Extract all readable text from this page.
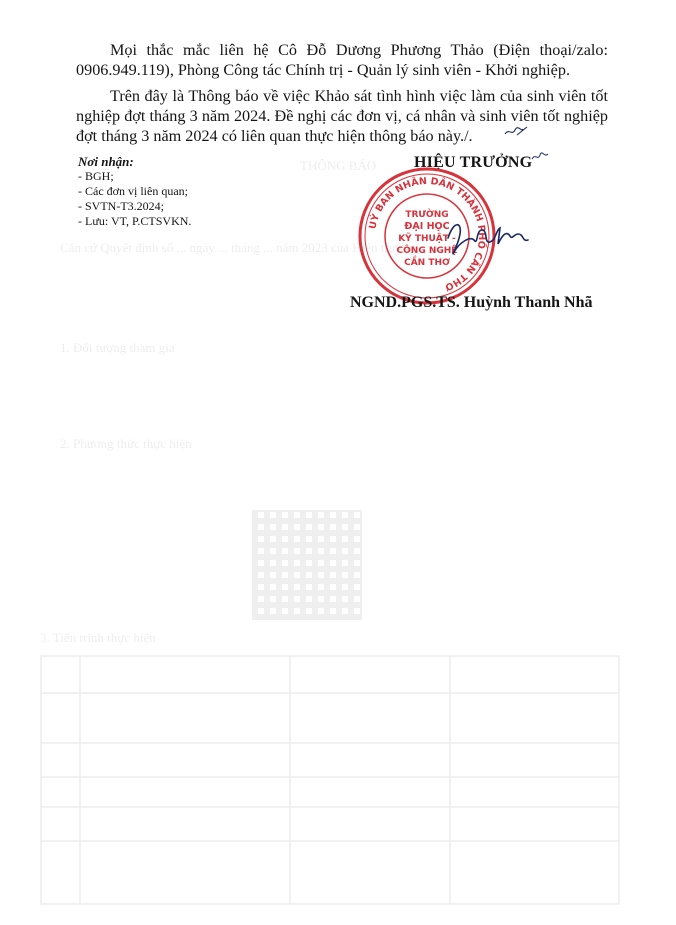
THÔNG BÁO
Căn cứ Quyết định số ... ngày ... tháng ... năm 2023 của Hiệu trưởng
1. Đối tượng tham gia
2. Phương thức thực hiện
3. Tiến trình thực hiện
Mọi thắc mắc liên hệ Cô Đỗ Dương Phương Thảo (Điện thoại/zalo: 0906.949.119), Phòng Công tác Chính trị - Quản lý sinh viên - Khởi nghiệp.
Trên đây là Thông báo về việc Khảo sát tình hình việc làm của sinh viên tốt nghiệp đợt tháng 3 năm 2024. Đề nghị các đơn vị, cá nhân và sinh viên tốt nghiệp đợt tháng 3 năm 2024 có liên quan thực hiện thông báo này./.
Nơi nhận:
- BGH;
- Các đơn vị liên quan;
- SVTN-T3.2024;
- Lưu: VT, P.CTSVKN.
HIỆU TRƯỞNG
UỶ BAN NHÂN DÂN THÀNH PHỐ CẦN THƠ
TRƯỜNG
ĐẠI HỌC
KỸ THUẬT -
CÔNG NGHỆ
CẦN THƠ
NGND.PGS.TS. Huỳnh Thanh Nhã
